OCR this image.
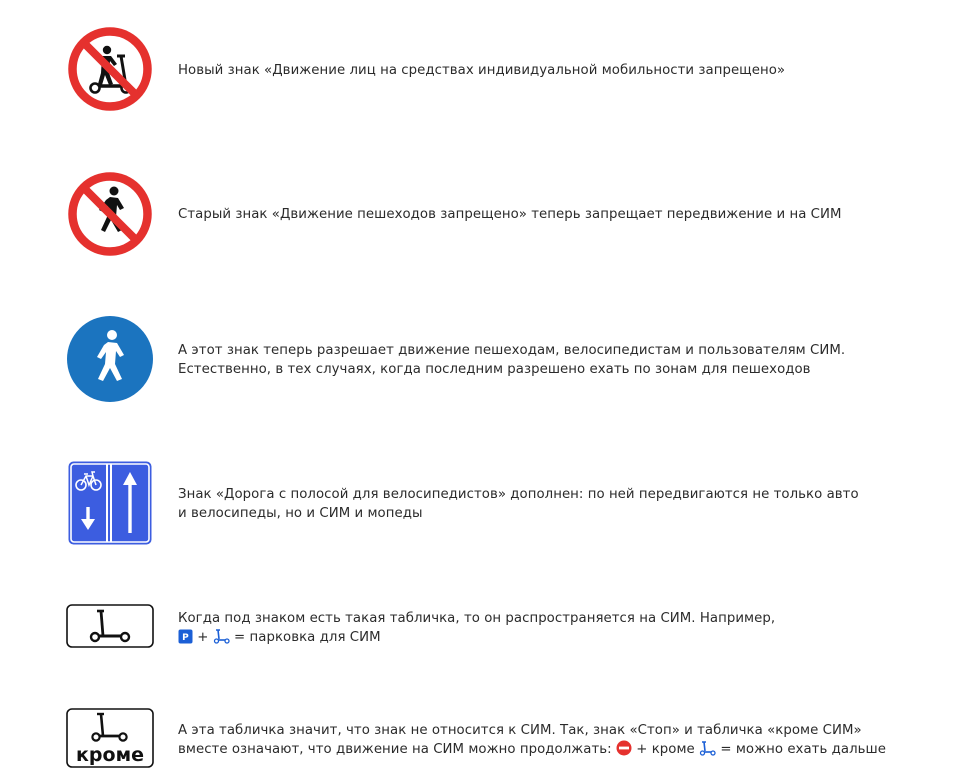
Новый знак «Движение лиц на средствах индивидуальной мобильности запрещено»
Старый знак «Движение пешеходов запрещено» теперь запрещает передвижение и на СИМ
А этот знак теперь разрешает движение пешеходам, велосипедистам и пользователям СИМ.
Естественно, в тех случаях, когда последним разрешено ехать по зонам для пешеходов
Знак «Дорога с полосой для велосипедистов» дополнен: по ней передвигаются не только авто
и велосипеды, но и СИМ и мопеды
Когда под знаком есть такая табличка, то он распространяется на СИМ. Например,
P + = парковка для СИМ
кроме
А эта табличка значит, что знак не относится к СИМ. Так, знак «Стоп» и табличка «кроме СИМ»
вместе означают, что движение на СИМ можно продолжать: + кроме = можно ехать дальше
